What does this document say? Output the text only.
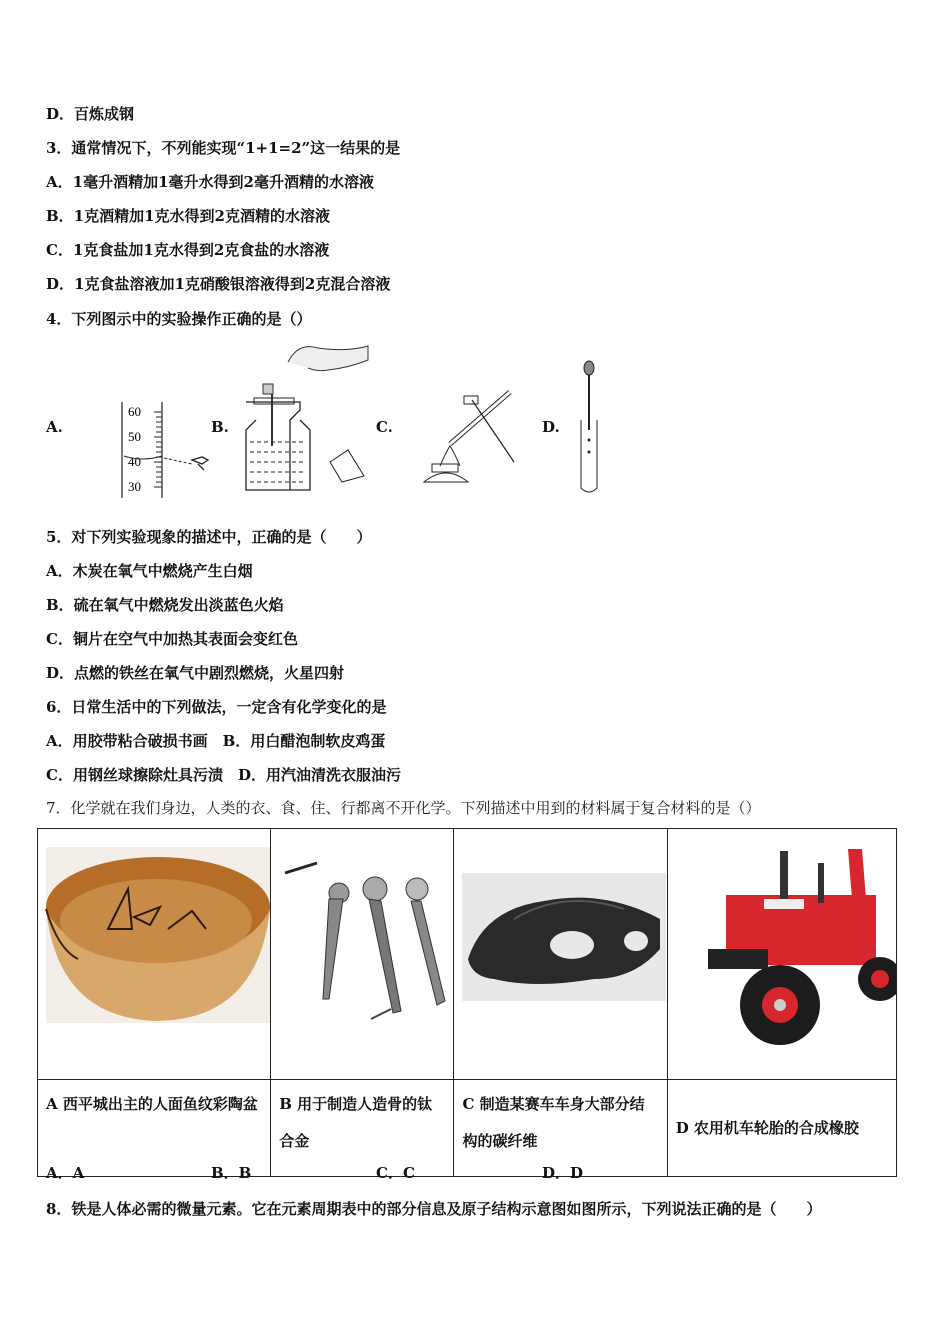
D．百炼成钢
3．通常情况下，不列能实现“1+1=2”这一结果的是
A．1毫升酒精加1毫升水得到2毫升酒精的水溶液
B．1克酒精加1克水得到2克酒精的水溶液
C．1克食盐加1克水得到2克食盐的水溶液
D．1克食盐溶液加1克硝酸银溶液得到2克混合溶液
4．下列图示中的实验操作正确的是（）
A.
60
50
40
30
B.	C.	D.
5．对下列实验现象的描述中，正确的是（　　）
A．木炭在氧气中燃烧产生白烟
B．硫在氧气中燃烧发出淡蓝色火焰
C．铜片在空气中加热其表面会变红色
D．点燃的铁丝在氧气中剧烈燃烧，火星四射
6．日常生活中的下列做法，一定含有化学变化的是
A．用胶带粘合破损书画　B．用白醋泡制软皮鸡蛋
C．用钢丝球擦除灶具污渍　D．用汽油清洗衣服油污
7．化学就在我们身边，人类的衣、食、住、行都离不开化学。下列描述中用到的材料属于复合材料的是（）

A 西平城出主的人面鱼纹彩陶盆	B 用于制造人造骨的钛合金	C 制造某赛车车身大部分结构的碳纤维	D 农用机车轮胎的合成橡胶
A．A	B．B	C．C	D．D
8．铁是人体必需的微量元素。它在元素周期表中的部分信息及原子结构示意图如图所示，下列说法正确的是（　　）
